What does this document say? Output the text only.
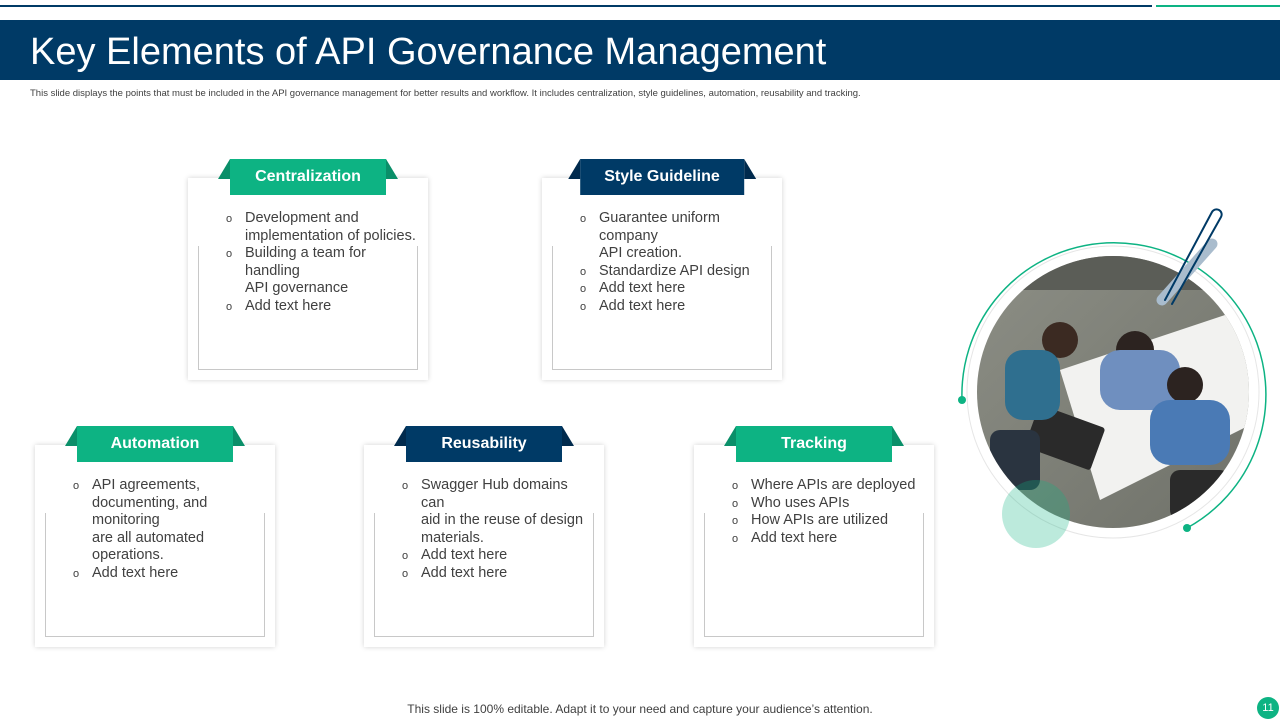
Key Elements of API Governance Management
This slide displays the points that must be included in the API governance management for better results and workflow. It includes centralization, style guidelines, automation, reusability and tracking.
Centralization
o Development and implementation of policies.
o Building a team for handling
API governance
o Add text here
Style Guideline
o Guarantee uniform company
API creation.
o Standardize API design
o Add text here
o Add text here
Automation
o API agreements, documenting, and monitoring
are all automated operations.
o Add text here
Reusability
o Swagger Hub domains can
aid in the reuse of design materials.
o Add text here
o Add text here
Tracking
o Where APIs are deployed
o Who uses APIs
o How APIs are utilized
o Add text here
This slide is 100% editable. Adapt it to your need and capture your audience’s attention.	11
